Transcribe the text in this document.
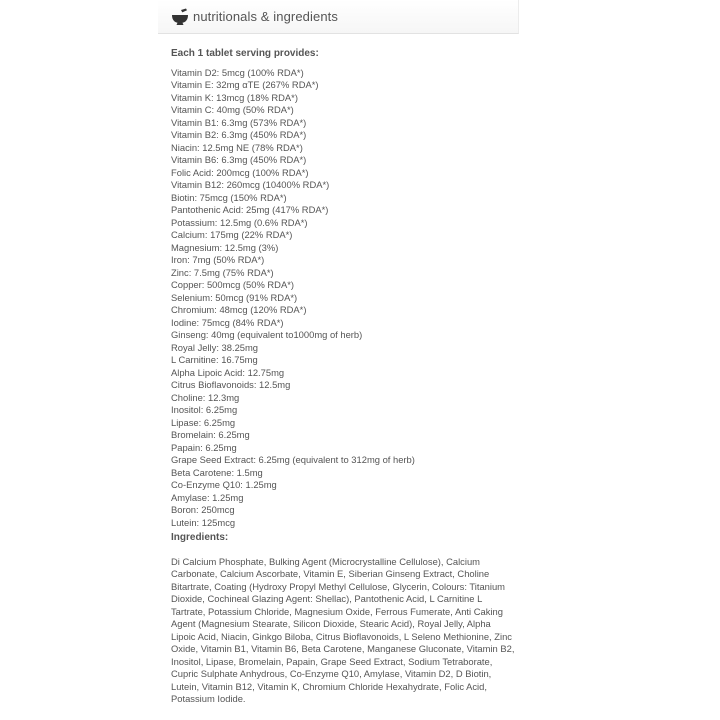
nutritionals & ingredients

Each 1 tablet serving provides:

Vitamin D2: 5mcg (100% RDA*)
Vitamin E: 32mg αTE (267% RDA*)
Vitamin K: 13mcg (18% RDA*)
Vitamin C: 40mg (50% RDA*)
Vitamin B1: 6.3mg (573% RDA*)
Vitamin B2: 6.3mg (450% RDA*)
Niacin: 12.5mg NE (78% RDA*)
Vitamin B6: 6.3mg (450% RDA*)
Folic Acid: 200mcg (100% RDA*)
Vitamin B12: 260mcg (10400% RDA*)
Biotin: 75mcg (150% RDA*)
Pantothenic Acid: 25mg (417% RDA*)
Potassium: 12.5mg (0.6% RDA*)
Calcium: 175mg (22% RDA*)
Magnesium: 12.5mg (3%)
Iron: 7mg (50% RDA*)
Zinc: 7.5mg (75% RDA*)
Copper: 500mcg (50% RDA*)
Selenium: 50mcg (91% RDA*)
Chromium: 48mcg (120% RDA*)
Iodine: 75mcg (84% RDA*)
Ginseng: 40mg (equivalent to1000mg of herb)
Royal Jelly: 38.25mg
L Carnitine: 16.75mg
Alpha Lipoic Acid: 12.75mg
Citrus Bioflavonoids: 12.5mg
Choline: 12.3mg
Inositol: 6.25mg
Lipase: 6.25mg
Bromelain: 6.25mg
Papain: 6.25mg
Grape Seed Extract: 6.25mg (equivalent to 312mg of herb)
Beta Carotene: 1.5mg
Co-Enzyme Q10: 1.25mg
Amylase: 1.25mg
Boron: 250mcg
Lutein: 125mcg

Ingredients:

Di Calcium Phosphate, Bulking Agent (Microcrystalline Cellulose), Calcium Carbonate, Calcium Ascorbate, Vitamin E, Siberian Ginseng Extract, Choline Bitartrate, Coating (Hydroxy Propyl Methyl Cellulose, Glycerin, Colours: Titanium Dioxide, Cochineal Glazing Agent: Shellac), Pantothenic Acid, L Carnitine L Tartrate, Potassium Chloride, Magnesium Oxide, Ferrous Fumerate, Anti Caking Agent (Magnesium Stearate, Silicon Dioxide, Stearic Acid), Royal Jelly, Alpha Lipoic Acid, Niacin, Ginkgo Biloba, Citrus Bioflavonoids, L Seleno Methionine, Zinc Oxide, Vitamin B1, Vitamin B6, Beta Carotene, Manganese Gluconate, Vitamin B2, Inositol, Lipase, Bromelain, Papain, Grape Seed Extract, Sodium Tetraborate, Cupric Sulphate Anhydrous, Co-Enzyme Q10, Amylase, Vitamin D2, D Biotin, Lutein, Vitamin B12, Vitamin K, Chromium Chloride Hexahydrate, Folic Acid, Potassium Iodide.
